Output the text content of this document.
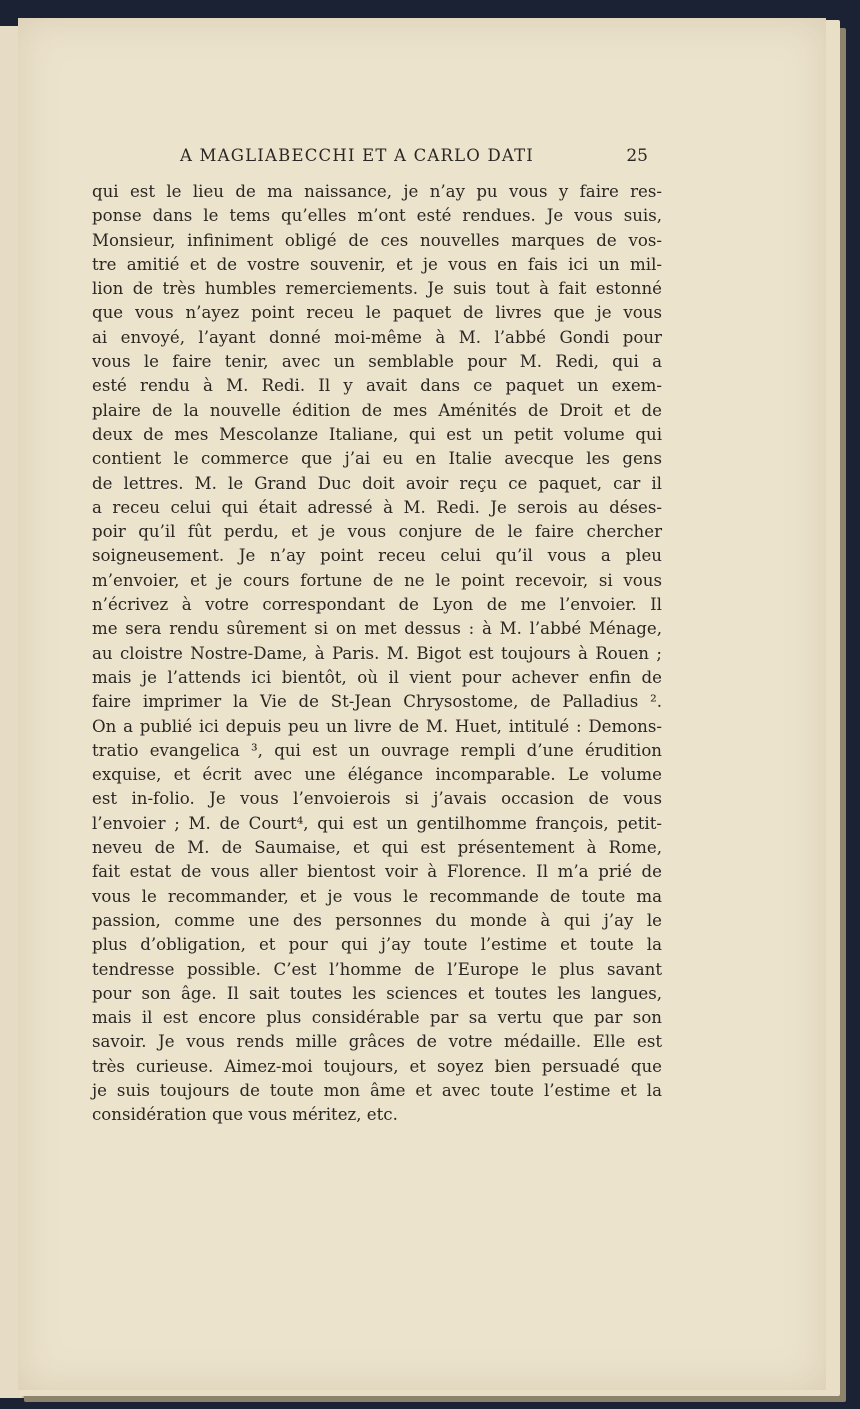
A MAGLIABECCHI ET A CARLO DATI	25
qui est le lieu de ma naissance, je n’ay pu vous y faire res-
ponse dans le tems qu’elles m’ont esté rendues. Je vous suis,
Monsieur, infiniment obligé de ces nouvelles marques de vos-
tre amitié et de vostre souvenir, et je vous en fais ici un mil-
lion de très humbles remerciements. Je suis tout à fait estonné
que vous n’ayez point receu le paquet de livres que je vous
ai envoyé, l’ayant donné moi-même à M. l’abbé Gondi pour
vous le faire tenir, avec un semblable pour M. Redi, qui a
esté rendu à M. Redi. Il y avait dans ce paquet un exem-
plaire de la nouvelle édition de mes Aménités de Droit et de
deux de mes Mescolanze Italiane, qui est un petit volume qui
contient le commerce que j’ai eu en Italie avecque les gens
de lettres. M. le Grand Duc doit avoir reçu ce paquet, car il
a receu celui qui était adressé à M. Redi. Je serois au déses-
poir qu’il fût perdu, et je vous conjure de le faire chercher
soigneusement. Je n’ay point receu celui qu’il vous a pleu
m’envoier, et je cours fortune de ne le point recevoir, si vous
n’écrivez à votre correspondant de Lyon de me l’envoier. Il
me sera rendu sûrement si on met dessus : à M. l’abbé Ménage,
au cloistre Nostre-Dame, à Paris. M. Bigot est toujours à Rouen ;
mais je l’attends ici bientôt, où il vient pour achever enfin de
faire imprimer la Vie de St-Jean Chrysostome, de Palladius ².
On a publié ici depuis peu un livre de M. Huet, intitulé : Demons-
tratio evangelica ³, qui est un ouvrage rempli d’une érudition
exquise, et écrit avec une élégance incomparable. Le volume
est in-folio. Je vous l’envoierois si j’avais occasion de vous
l’envoier ; M. de Court⁴, qui est un gentilhomme françois, petit-
neveu de M. de Saumaise, et qui est présentement à Rome,
fait estat de vous aller bientost voir à Florence. Il m’a prié de
vous le recommander, et je vous le recommande de toute ma
passion, comme une des personnes du monde à qui j’ay le
plus d’obligation, et pour qui j’ay toute l’estime et toute la
tendresse possible. C’est l’homme de l’Europe le plus savant
pour son âge. Il sait toutes les sciences et toutes les langues,
mais il est encore plus considérable par sa vertu que par son
savoir. Je vous rends mille grâces de votre médaille. Elle est
très curieuse. Aimez-moi toujours, et soyez bien persuadé que
je suis toujours de toute mon âme et avec toute l’estime et la
considération que vous méritez, etc.
